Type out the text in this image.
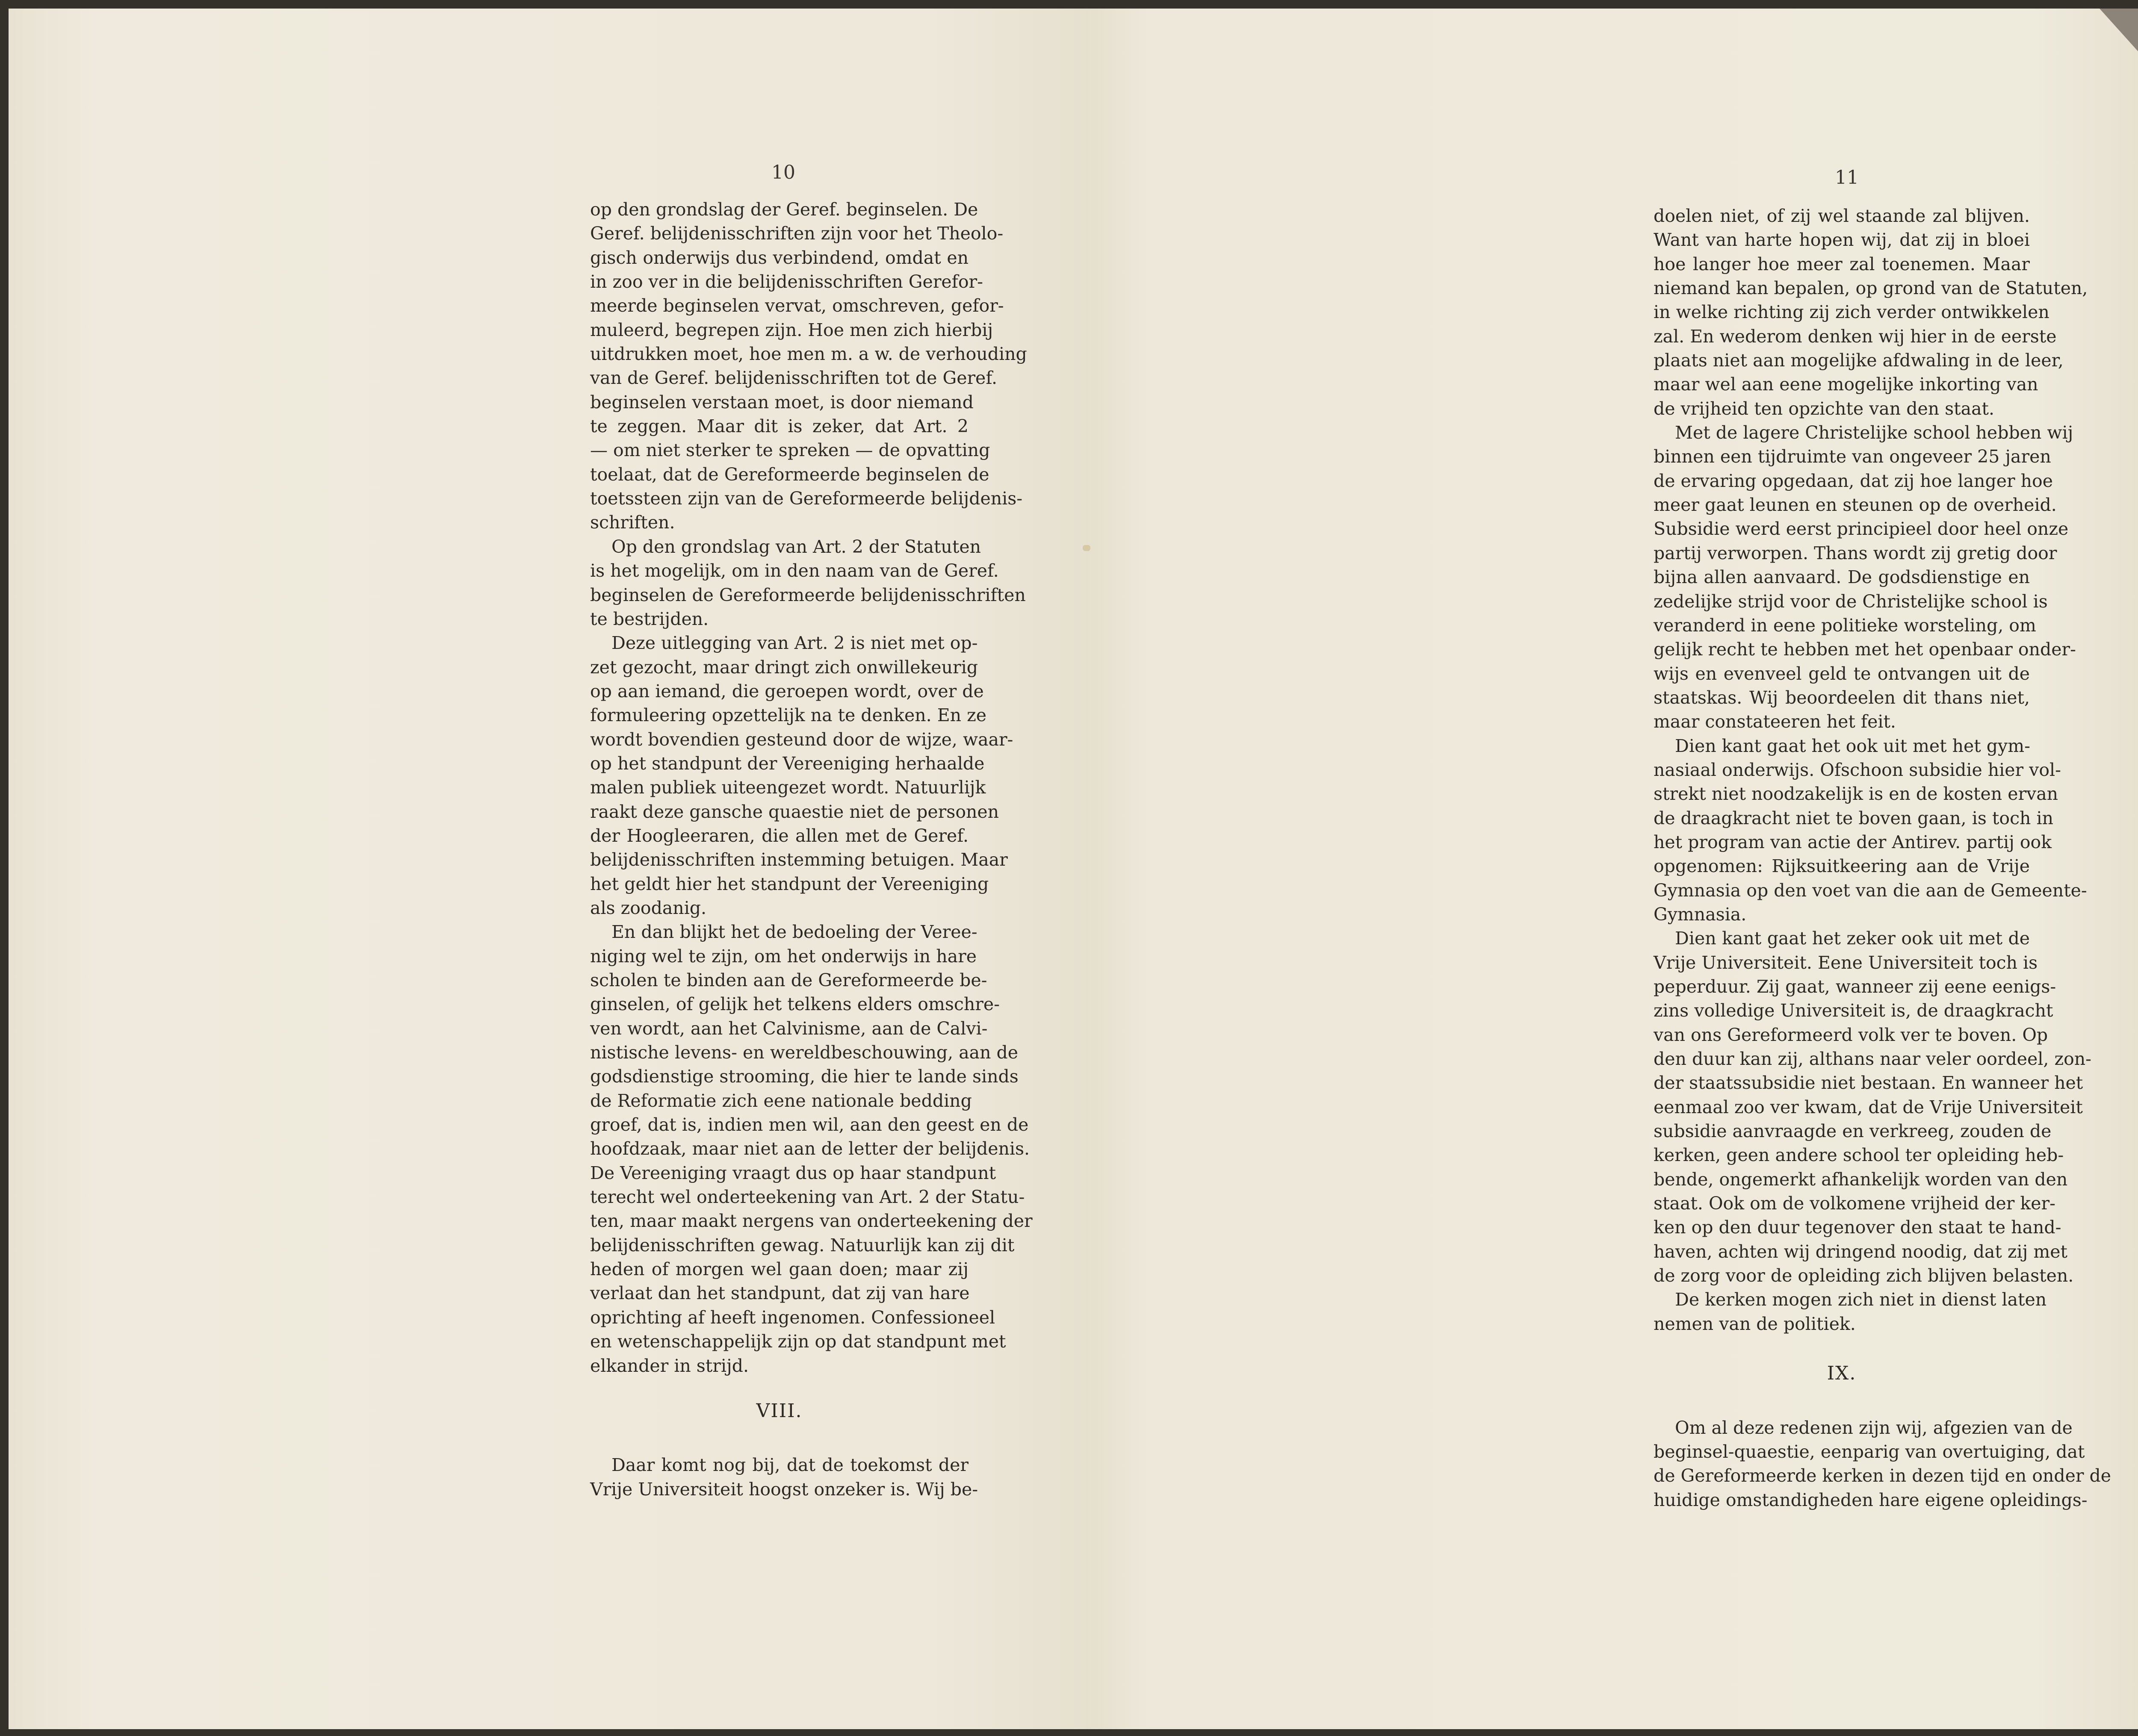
10
op den grondslag der Geref. beginselen. De
Geref. belijdenisschriften zijn voor het Theolo-
gisch onderwijs dus verbindend, omdat en
in zoo ver in die belijdenisschriften Gerefor-
meerde beginselen vervat, omschreven, gefor-
muleerd, begrepen zijn. Hoe men zich hierbij
uitdrukken moet, hoe men m. a w. de verhouding
van de Geref. belijdenisschriften tot de Geref.
beginselen verstaan moet, is door niemand
te zeggen. Maar dit is zeker, dat Art. 2
— om niet sterker te spreken — de opvatting
toelaat, dat de Gereformeerde beginselen de
toetssteen zijn van de Gereformeerde belijdenis-
schriften.
Op den grondslag van Art. 2 der Statuten
is het mogelijk, om in den naam van de Geref.
beginselen de Gereformeerde belijdenisschriften
te bestrijden.
Deze uitlegging van Art. 2 is niet met op-
zet gezocht, maar dringt zich onwillekeurig
op aan iemand, die geroepen wordt, over de
formuleering opzettelijk na te denken. En ze
wordt bovendien gesteund door de wijze, waar-
op het standpunt der Vereeniging herhaalde
malen publiek uiteengezet wordt. Natuurlijk
raakt deze gansche quaestie niet de personen
der Hoogleeraren, die allen met de Geref.
belijdenisschriften instemming betuigen. Maar
het geldt hier het standpunt der Vereeniging
als zoodanig.
En dan blijkt het de bedoeling der Veree-
niging wel te zijn, om het onderwijs in hare
scholen te binden aan de Gereformeerde be-
ginselen, of gelijk het telkens elders omschre-
ven wordt, aan het Calvinisme, aan de Calvi-
nistische levens- en wereldbeschouwing, aan de
godsdienstige strooming, die hier te lande sinds
de Reformatie zich eene nationale bedding
groef, dat is, indien men wil, aan den geest en de
hoofdzaak, maar niet aan de letter der belijdenis.
De Vereeniging vraagt dus op haar standpunt
terecht wel onderteekening van Art. 2 der Statu-
ten, maar maakt nergens van onderteekening der
belijdenisschriften gewag. Natuurlijk kan zij dit
heden of morgen wel gaan doen; maar zij
verlaat dan het standpunt, dat zij van hare
oprichting af heeft ingenomen. Confessioneel
en wetenschappelijk zijn op dat standpunt met
elkander in strijd.
VIII.
Daar komt nog bij, dat de toekomst der
Vrije Universiteit hoogst onzeker is. Wij be-
11
doelen niet, of zij wel staande zal blijven.
Want van harte hopen wij, dat zij in bloei
hoe langer hoe meer zal toenemen. Maar
niemand kan bepalen, op grond van de Statuten,
in welke richting zij zich verder ontwikkelen
zal. En wederom denken wij hier in de eerste
plaats niet aan mogelijke afdwaling in de leer,
maar wel aan eene mogelijke inkorting van
de vrijheid ten opzichte van den staat.
Met de lagere Christelijke school hebben wij
binnen een tijdruimte van ongeveer 25 jaren
de ervaring opgedaan, dat zij hoe langer hoe
meer gaat leunen en steunen op de overheid.
Subsidie werd eerst principieel door heel onze
partij verworpen. Thans wordt zij gretig door
bijna allen aanvaard. De godsdienstige en
zedelijke strijd voor de Christelijke school is
veranderd in eene politieke worsteling, om
gelijk recht te hebben met het openbaar onder-
wijs en evenveel geld te ontvangen uit de
staatskas. Wij beoordeelen dit thans niet,
maar constateeren het feit.
Dien kant gaat het ook uit met het gym-
nasiaal onderwijs. Ofschoon subsidie hier vol-
strekt niet noodzakelijk is en de kosten ervan
de draagkracht niet te boven gaan, is toch in
het program van actie der Antirev. partij ook
opgenomen: Rijksuitkeering aan de Vrije
Gymnasia op den voet van die aan de Gemeente-
Gymnasia.
Dien kant gaat het zeker ook uit met de
Vrije Universiteit. Eene Universiteit toch is
peperduur. Zij gaat, wanneer zij eene eenigs-
zins volledige Universiteit is, de draagkracht
van ons Gereformeerd volk ver te boven. Op
den duur kan zij, althans naar veler oordeel, zon-
der staatssubsidie niet bestaan. En wanneer het
eenmaal zoo ver kwam, dat de Vrije Universiteit
subsidie aanvraagde en verkreeg, zouden de
kerken, geen andere school ter opleiding heb-
bende, ongemerkt afhankelijk worden van den
staat. Ook om de volkomene vrijheid der ker-
ken op den duur tegenover den staat te hand-
haven, achten wij dringend noodig, dat zij met
de zorg voor de opleiding zich blijven belasten.
De kerken mogen zich niet in dienst laten
nemen van de politiek.
IX.
Om al deze redenen zijn wij, afgezien van de
beginsel-quaestie, eenparig van overtuiging, dat
de Gereformeerde kerken in dezen tijd en onder de
huidige omstandigheden hare eigene opleidings-
